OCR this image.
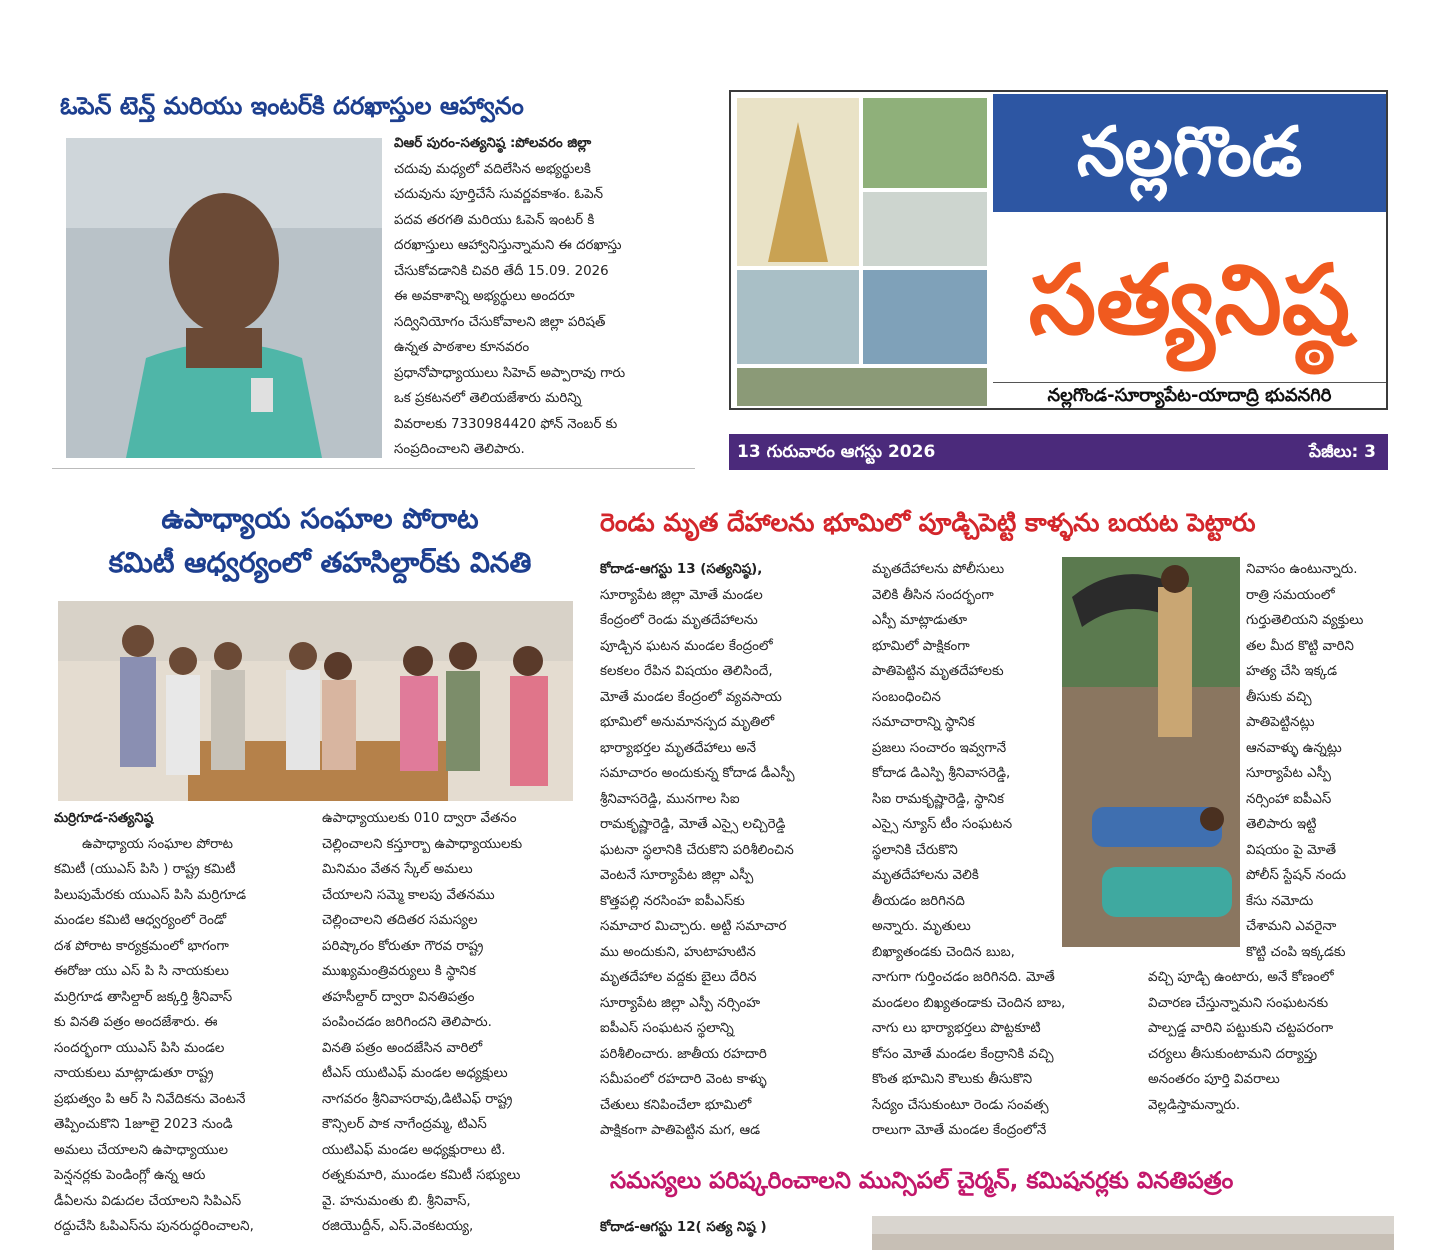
ఓపెన్ టెన్త్ మరియు ఇంటర్‌కి దరఖాస్తుల ఆహ్వానం

విఆర్ పురం-సత్యనిష్ఠ :పోలవరం జిల్లా

చదువు మధ్యలో వదిలేసిన అభ్యర్థులకి

చదువును పూర్తిచేసే సువర్ణవకాశం. ఓపెన్

పదవ తరగతి మరియు ఓపెన్ ఇంటర్ కి

దరఖాస్తులు ఆహ్వానిస్తున్నామని ఈ దరఖాస్తు

చేసుకోవడానికి చివరి తేదీ 15.09. 2026

ఈ అవకాశాన్ని అభ్యర్థులు అందరూ

సద్వినియోగం చేసుకోవాలని జిల్లా పరిషత్

ఉన్నత పాఠశాల కూనవరం

ప్రధానోపాధ్యాయులు సిహెచ్ అప్పారావు గారు

ఒక ప్రకటనలో తెలియజేశారు మరిన్ని

వివరాలకు 7330984420 ఫోన్ నెంబర్ కు

సంప్రదించాలని తెలిపారు.

నల్లగొండ
సత్యనిష్ఠ
నల్లగొండ-సూర్యాపేట-యాదాద్రి భువనగిరి
13 గురువారం ఆగస్టు 2026	పేజీలు: 3
ఉపాధ్యాయ సంఘాల పోరాట
కమిటీ ఆధ్వర్యంలో తహసిల్దార్‌కు వినతి

మర్రిగూడ-సత్యనిష్ఠ

ఉపాధ్యాయ సంఘాల పోరాట

కమిటీ (యుఎస్ పిసి ) రాష్ట్ర కమిటీ

పిలుపుమేరకు యుఎస్ పిసి మర్రిగూడ

మండల కమిటి ఆధ్వర్యంలో రెండో

దశ పోరాట కార్యక్రమంలో భాగంగా

ఈరోజు యు ఎస్ పి సి నాయకులు

మర్రిగూడ తాసిల్దార్ జక్కర్తి శ్రీనివాస్

కు వినతి పత్రం అందజేశారు. ఈ

సందర్భంగా యుఎస్ పిసి మండల

నాయకులు మాట్లాడుతూ రాష్ట్ర

ప్రభుత్వం పి ఆర్ సి నివేదికను వెంటనే

తెప్పించుకొని 1జూలై 2023 నుండి

అమలు చేయాలని ఉపాధ్యాయుల

పెన్షనర్లకు పెండింగ్లో ఉన్న ఆరు

డీఏలను విడుదల చేయాలని సిపిఎస్

రద్దుచేసి ఓపిఎస్‌ను పునరుద్ధరించాలని,

ఉపాధ్యాయులకు 010 ద్వారా వేతనం

చెల్లించాలని కస్తూర్బా ఉపాధ్యాయులకు

మినిమం వేతన స్కేల్ అమలు

చేయాలని సమ్మె కాలపు వేతనము

చెల్లించాలని తదితర సమస్యల

పరిష్కారం కోరుతూ గౌరవ రాష్ట్ర

ముఖ్యమంత్రివర్యులు కి స్థానిక

తహసీల్దార్ ద్వారా వినతిపత్రం

పంపించడం జరిగిందని తెలిపారు.

వినతి పత్రం అందజేసిన వారిలో

టీఎస్ యుటిఎఫ్ మండల అధ్యక్షులు

నాగవరం శ్రీనివాసరావు,డిటిఎఫ్ రాష్ట్ర

కౌన్సిలర్ పాక నాగేంద్రమ్మ, టిఎస్

యుటిఎఫ్ మండల అధ్యక్షురాలు టి.

రత్నకుమారి, ముండల కమిటీ సభ్యులు

వై. హనుమంతు బి. శ్రీనివాస్,

రజియొద్దీన్, ఎస్.వెంకటయ్య,

రెండు మృత దేహాలను భూమిలో పూడ్చిపెట్టి కాళ్ళను బయట పెట్టారు

కోదాడ-ఆగస్టు 13 (సత్యనిష్ఠ),

సూర్యాపేట జిల్లా మోతే మండల

కేంద్రంలో రెండు మృతదేహాలను

పూడ్చిన ఘటన మండల కేంద్రంలో

కలకలం రేపిన విషయం తెలిసిందే,

మోతే మండల కేంద్రంలో వ్యవసాయ

భూమిలో అనుమానస్పద మృతిలో

భార్యాభర్తల మృతదేహాలు అనే

సమాచారం అందుకున్న కోదాడ డీఎస్పీ

శ్రీనివాసరెడ్డి, మునగాల సిఐ

రామకృష్ణారెడ్డి, మోతే ఎస్సై లచ్చిరెడ్డి

ఘటనా స్థలానికి చేరుకొని పరిశీలించిన

వెంటనే సూర్యాపేట జిల్లా ఎస్పీ

కొత్తపల్లి నరసింహ ఐపీఎస్‌కు

సమాచార మిచ్చారు. అట్టి సమాచార

ము అందుకుని, హుటాహుటిన

మృతదేహాల వద్దకు బైలు దేరిన

సూర్యాపేట జిల్లా ఎస్పీ నర్సింహ

ఐపీఎస్ సంఘటన స్థలాన్ని

పరిశీలించారు. జాతీయ రహదారి

సమీపంలో రహదారి వెంట కాళ్ళు

చేతులు కనిపించేలా భూమిలో

పాక్షికంగా పాతిపెట్టిన మగ, ఆడ

మృతదేహాలను పోలీసులు

వెలికి తీసిన సందర్భంగా

ఎస్పీ మాట్లాడుతూ

భూమిలో పాక్షికంగా

పాతిపెట్టిన మృతదేహాలకు

సంబంధించిన

సమాచారాన్ని స్థానిక

ప్రజలు సంచారం ఇవ్వగానే

కోదాడ డిఎస్పి శ్రీనివాసరెడ్డి,

సిఐ రామకృష్ణారెడ్డి, స్థానిక

ఎస్సై న్యూస్ టీం సంఘటన

స్థలానికి చేరుకొని

మృతదేహాలను వెలికి

తీయడం జరిగినది

అన్నారు. మృతులు

బిఖ్యాతండకు చెందిన బుబ,

నాగుగా గుర్తించడం జరిగినది. మోతే

మండలం బిఖ్యతండాకు చెందిన బాబ,

నాగు లు భార్యాభర్తలు పొట్టకూటి

కోసం మోతే మండల కేంద్రానికి వచ్చి

కొంత భూమిని కౌలుకు తీసుకొని

సేద్యం చేసుకుంటూ రెండు సంవత్స

రాలుగా మోతే మండల కేంద్రంలోనే

నివాసం ఉంటున్నారు.

రాత్రి సమయంలో

గుర్తుతెలియని వ్యక్తులు

తల మీద కొట్టి వారిని

హత్య చేసి ఇక్కడ

తీసుకు వచ్చి

పాతిపెట్టినట్లు

ఆనవాళ్ళు ఉన్నట్లు

సూర్యాపేట ఎస్పీ

నర్సింహా ఐపీఎస్

తెలిపారు ఇట్టి

విషయం పై మోతే

పోలీస్ స్టేషన్ నందు

కేసు నమోదు

చేశామని ఎవరైనా

కొట్టి చంపి ఇక్కడకు

వచ్చి పూడ్చి ఉంటారు, అనే కోణంలో

విచారణ చేస్తున్నామని సంఘటనకు

పాల్పడ్డ వారిని పట్టుకుని చట్టపరంగా

చర్యలు తీసుకుంటామని దర్యాప్తు

అనంతరం పూర్తి వివరాలు

వెల్లడిస్తామన్నారు.

సమస్యలు పరిష్కరించాలని మున్సిపల్ చైర్మన్, కమిషనర్లకు వినతిపత్రం
కోదాడ-ఆగస్టు 12( సత్య నిష్ఠ )
